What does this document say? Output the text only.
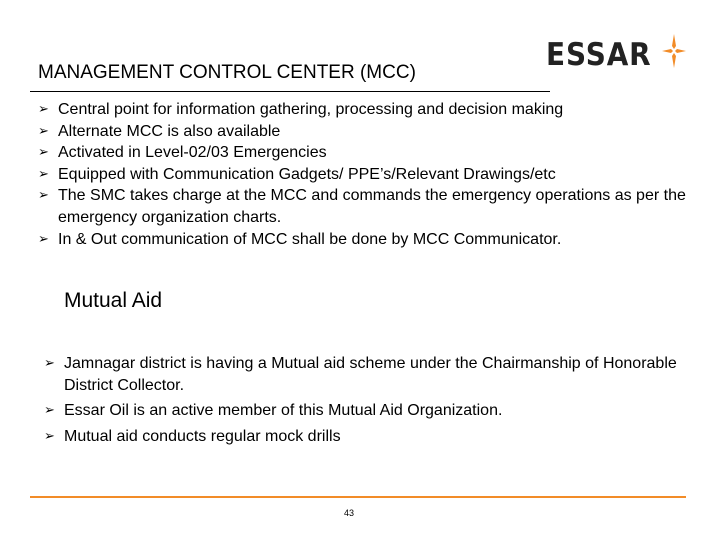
MANAGEMENT CONTROL CENTER (MCC)	ESSAR
➢ Central point for information gathering, processing and decision making
➢ Alternate MCC is also available
➢ Activated in Level-02/03 Emergencies
➢ Equipped with Communication Gadgets/ PPE’s/Relevant Drawings/etc
➢ The SMC takes charge at the MCC and commands the emergency operations as per the emergency organization charts.
➢ In & Out communication of MCC shall be done by MCC Communicator.
Mutual Aid
➢ Jamnagar district is having a Mutual aid scheme under the Chairmanship of Honorable District Collector.
➢ Essar Oil is an active member of this Mutual Aid Organization.
➢ Mutual aid conducts regular mock drills
43
